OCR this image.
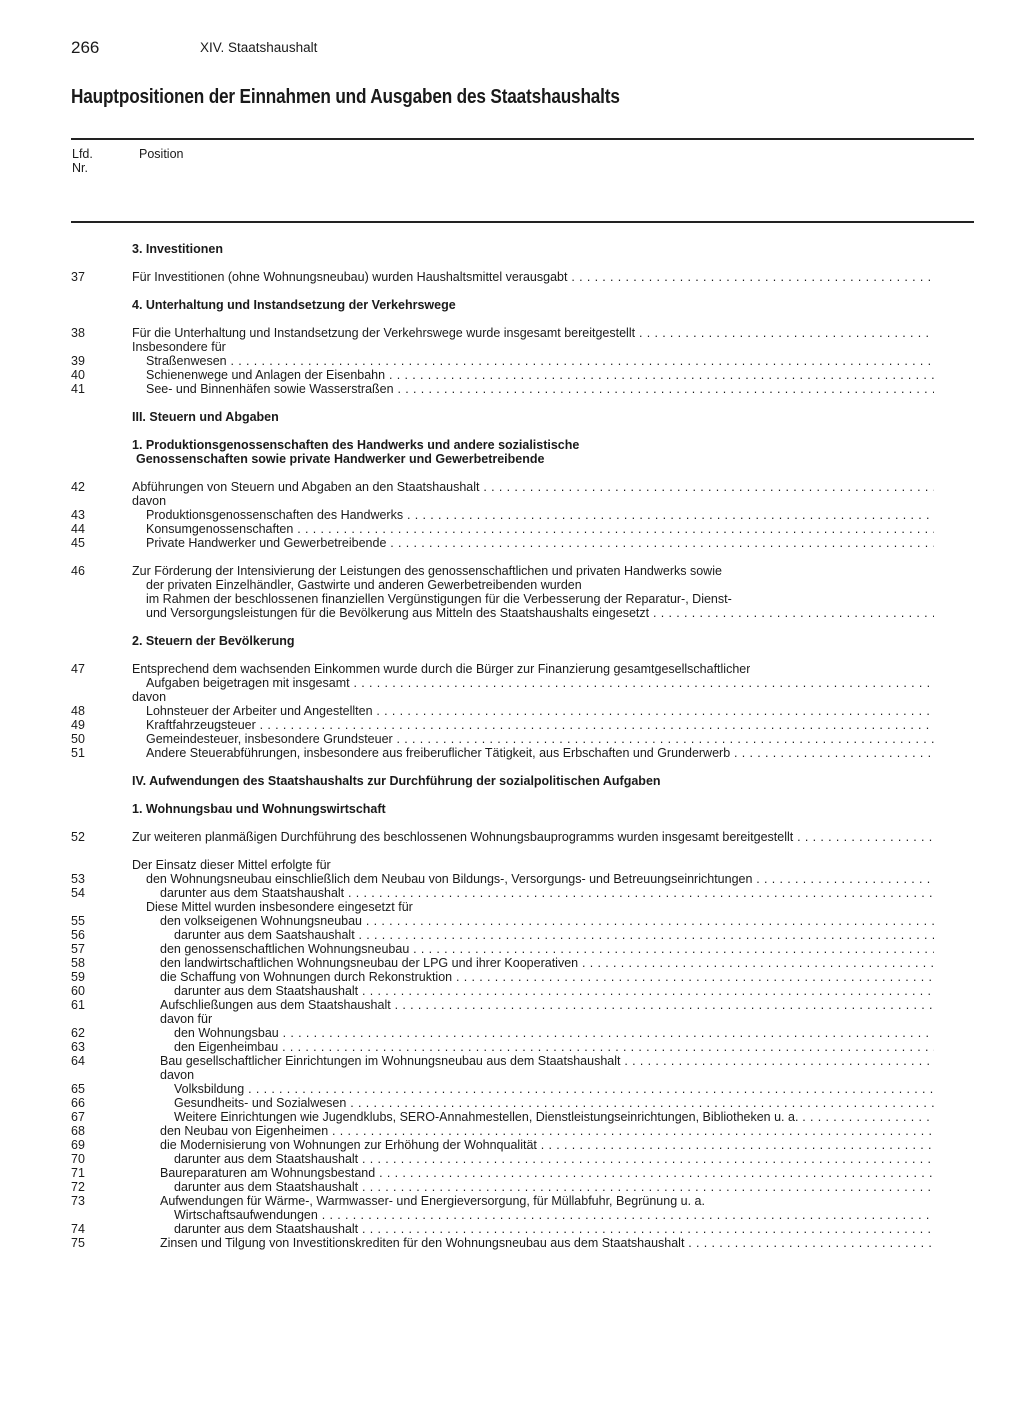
266	XIV. Staatshaushalt
Hauptpositionen der Einnahmen und Ausgaben des Staatshaushalts
Lfd.
Nr.
Position
3. Investitionen
37	Für Investitionen (ohne Wohnungsneubau) wurden Haushaltsmittel verausgabt . . .
4. Unterhaltung und Instandsetzung der Verkehrswege
38	Für die Unterhaltung und Instandsetzung der Verkehrswege wurde insgesamt bereitgestellt . . .
Insbesondere für
39	Straßenwesen . . .
40	Schienenwege und Anlagen der Eisenbahn . . .
41	See- und Binnenhäfen sowie Wasserstraßen . . .
III. Steuern und Abgaben
1. Produktionsgenossenschaften des Handwerks und andere sozialistische
Genossenschaften sowie private Handwerker und Gewerbetreibende
42	Abführungen von Steuern und Abgaben an den Staatshaushalt . . .
davon
43	Produktionsgenossenschaften des Handwerks . . .
44	Konsumgenossenschaften . . .
45	Private Handwerker und Gewerbetreibende . . .
46	Zur Förderung der Intensivierung der Leistungen des genossenschaftlichen und privaten Handwerks sowie
der privaten Einzelhändler, Gastwirte und anderen Gewerbetreibenden wurden
im Rahmen der beschlossenen finanziellen Vergünstigungen für die Verbesserung der Reparatur-, Dienst-
und Versorgungsleistungen für die Bevölkerung aus Mitteln des Staatshaushalts eingesetzt . . .
2. Steuern der Bevölkerung
47	Entsprechend dem wachsenden Einkommen wurde durch die Bürger zur Finanzierung gesamtgesellschaftlicher
Aufgaben beigetragen mit insgesamt . . .
davon
48	Lohnsteuer der Arbeiter und Angestellten . . .
49	Kraftfahrzeugsteuer . . .
50	Gemeindesteuer, insbesondere Grundsteuer . . .
51	Andere Steuerabführungen, insbesondere aus freiberuflicher Tätigkeit, aus Erbschaften und Grunderwerb . . .
IV. Aufwendungen des Staatshaushalts zur Durchführung der sozialpolitischen Aufgaben
1. Wohnungsbau und Wohnungswirtschaft
52	Zur weiteren planmäßigen Durchführung des beschlossenen Wohnungsbauprogramms wurden insgesamt bereitgestellt . . .
Der Einsatz dieser Mittel erfolgte für
53	den Wohnungsneubau einschließlich dem Neubau von Bildungs-, Versorgungs- und Betreuungseinrichtungen . . .
54	darunter aus dem Staatshaushalt . . .
Diese Mittel wurden insbesondere eingesetzt für
55	den volkseigenen Wohnungsneubau . . .
56	darunter aus dem Saatshaushalt . . .
57	den genossenschaftlichen Wohnungsneubau . . .
58	den landwirtschaftlichen Wohnungsneubau der LPG und ihrer Kooperativen . . .
59	die Schaffung von Wohnungen durch Rekonstruktion . . .
60	darunter aus dem Staatshaushalt . . .
61	Aufschließungen aus dem Staatshaushalt . . .
davon für
62	den Wohnungsbau . . .
63	den Eigenheimbau . . .
64	Bau gesellschaftlicher Einrichtungen im Wohnungsneubau aus dem Staatshaushalt . . .
davon
65	Volksbildung . . .
66	Gesundheits- und Sozialwesen . . .
67	Weitere Einrichtungen wie Jugendklubs, SERO-Annahmestellen, Dienstleistungseinrichtungen, Bibliotheken u. a. . . .
68	den Neubau von Eigenheimen . . .
69	die Modernisierung von Wohnungen zur Erhöhung der Wohnqualität . . .
70	darunter aus dem Staatshaushalt . . .
71	Baureparaturen am Wohnungsbestand . . .
72	darunter aus dem Staatshaushalt . . .
73	Aufwendungen für Wärme-, Warmwasser- und Energieversorgung, für Müllabfuhr, Begrünung u. a.
Wirtschaftsaufwendungen . . .
74	darunter aus dem Staatshaushalt . . .
75	Zinsen und Tilgung von Investitionskrediten für den Wohnungsneubau aus dem Staatshaushalt . . .
